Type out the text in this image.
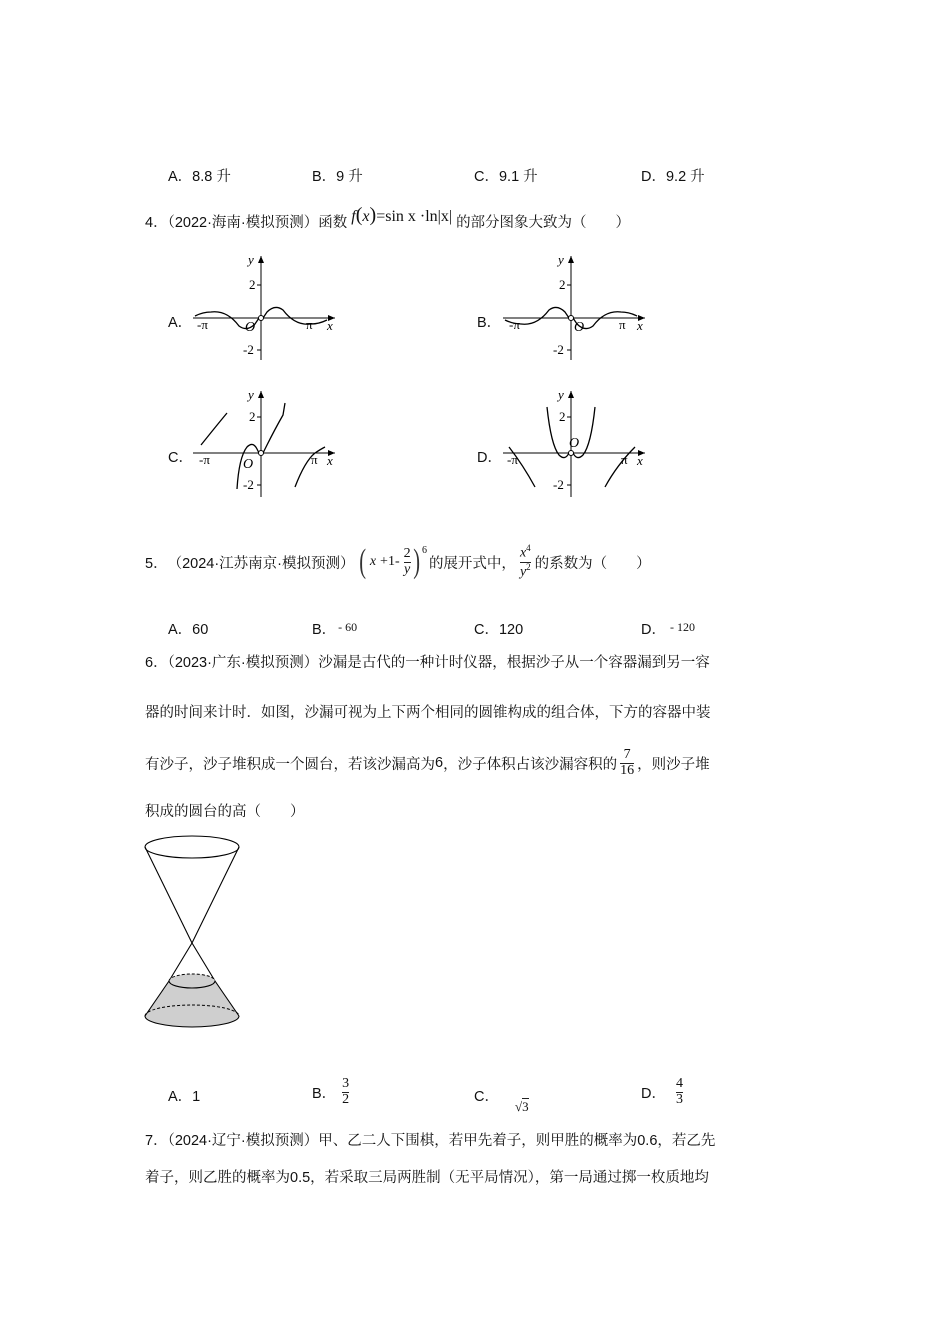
A．8.8 升	B．9 升	C．9.1 升	D．9.2 升
4．（2022·海南·模拟预测）函数 f(x)=sin x ·ln|x| 的部分图象大致为（　　）
A．	B．
C．	D．
y
x
O
2
-2
π
-π
y
x
O
2
-2
π
-π
y
x
O
2
-2
π
-π
y
x
O
2
-2
π
-π
5． （2024·江苏南京·模拟预测） ( $x +1- \frac{2}{y}$ ) 6
的展开式中， $\frac{x^4}{y^2}$ 的系数为（　　）
A．60	B． $^{- 60}$	C．120	D． $^{- 120}$
6．（2023·广东·模拟预测）沙漏是古代的一种计时仪器，根据沙子从一个容器漏到另一容
器的时间来计时．如图，沙漏可视为上下两个相同的圆锥构成的组合体，下方的容器中装
有沙子，沙子堆积成一个圆台，若该沙漏高为 6 ，沙子体积占该沙漏容积的 $\frac{7}{16}$ ，则沙子堆
积成的圆台的高（　　）
A．1	B． $\frac{3}{2}$	C． √3
D． $\frac{4}{3}$
7．（2024·辽宁·模拟预测）甲、乙二人下围棋，若甲先着子，则甲胜的概率为0.6，若乙先
着子，则乙胜的概率为0.5，若采取三局两胜制（无平局情况），第一局通过掷一枚质地均
